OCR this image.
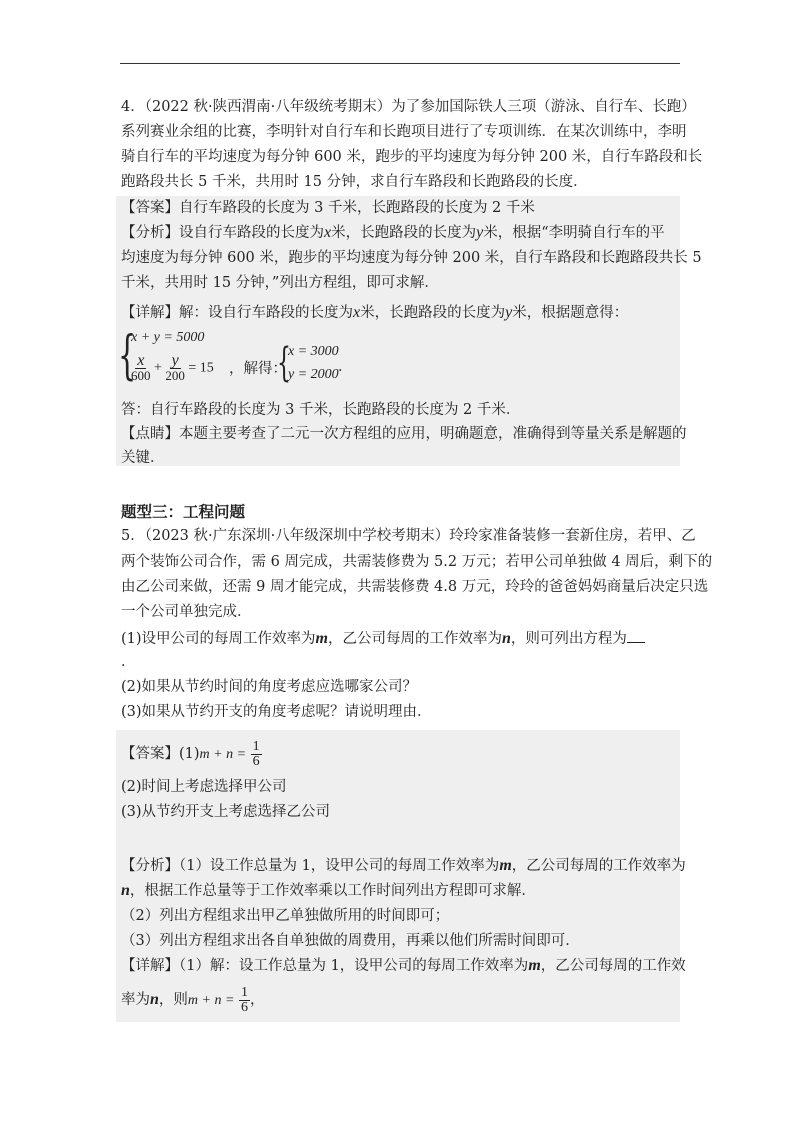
4．（2022 秋·陕西渭南·八年级统考期末）为了参加国际铁人三项（游泳、自行车、长跑）
系列赛业余组的比赛，李明针对自行车和长跑项目进行了专项训练．在某次训练中，李明
骑自行车的平均速度为每分钟 600 米，跑步的平均速度为每分钟 200 米，自行车路段和长
跑路段共长 5 千米，共用时 15 分钟，求自行车路段和长跑路段的长度．
【答案】自行车路段的长度为 3 千米，长跑路段的长度为 2 千米
【分析】设自行车路段的长度为x米，长跑路段的长度为y米，根据“李明骑自行车的平
均速度为每分钟 600 米，跑步的平均速度为每分钟 200 米，自行车路段和长跑路段共长 5
千米，共用时 15 分钟，”列出方程组，即可求解．
【详解】解：设自行车路段的长度为x米，长跑路段的长度为y米，根据题意得：
{
x + y = 5000
$\frac{x}{600} + \frac{y}{200} = 15$ ，解得：
{
x = 3000
y = 2000 ．
答：自行车路段的长度为 3 千米，长跑路段的长度为 2 千米．
【点睛】本题主要考查了二元一次方程组的应用，明确题意，准确得到等量关系是解题的
关键．
题型三：工程问题
5．（2023 秋·广东深圳·八年级深圳中学校考期末）玲玲家准备装修一套新住房，若甲、乙
两个装饰公司合作，需 6 周完成，共需装修费为 5.2 万元；若甲公司单独做 4 周后，剩下的
由乙公司来做，还需 9 周才能完成，共需装修费 4.8 万元，玲玲的爸爸妈妈商量后决定只选
一个公司单独完成．
(1)设甲公司的每周工作效率为m，乙公司每周的工作效率为n，则可列出方程为
．
(2)如果从节约时间的角度考虑应选哪家公司？
(3)如果从节约开支的角度考虑呢？请说明理由．
【答案】$(1)m + n = \frac{1}{6}$
(2)时间上考虑选择甲公司
(3)从节约开支上考虑选择乙公司
【分析】（1）设工作总量为 1，设甲公司的每周工作效率为m，乙公司每周的工作效率为
n，根据工作总量等于工作效率乘以工作时间列出方程即可求解．
（2）列出方程组求出甲乙单独做所用的时间即可；
（3）列出方程组求出各自单独做的周费用，再乘以他们所需时间即可．
【详解】（1）解：设工作总量为 1，设甲公司的每周工作效率为m，乙公司每周的工作效
率为n，则$m + n = \frac{1}{6}$ ，
